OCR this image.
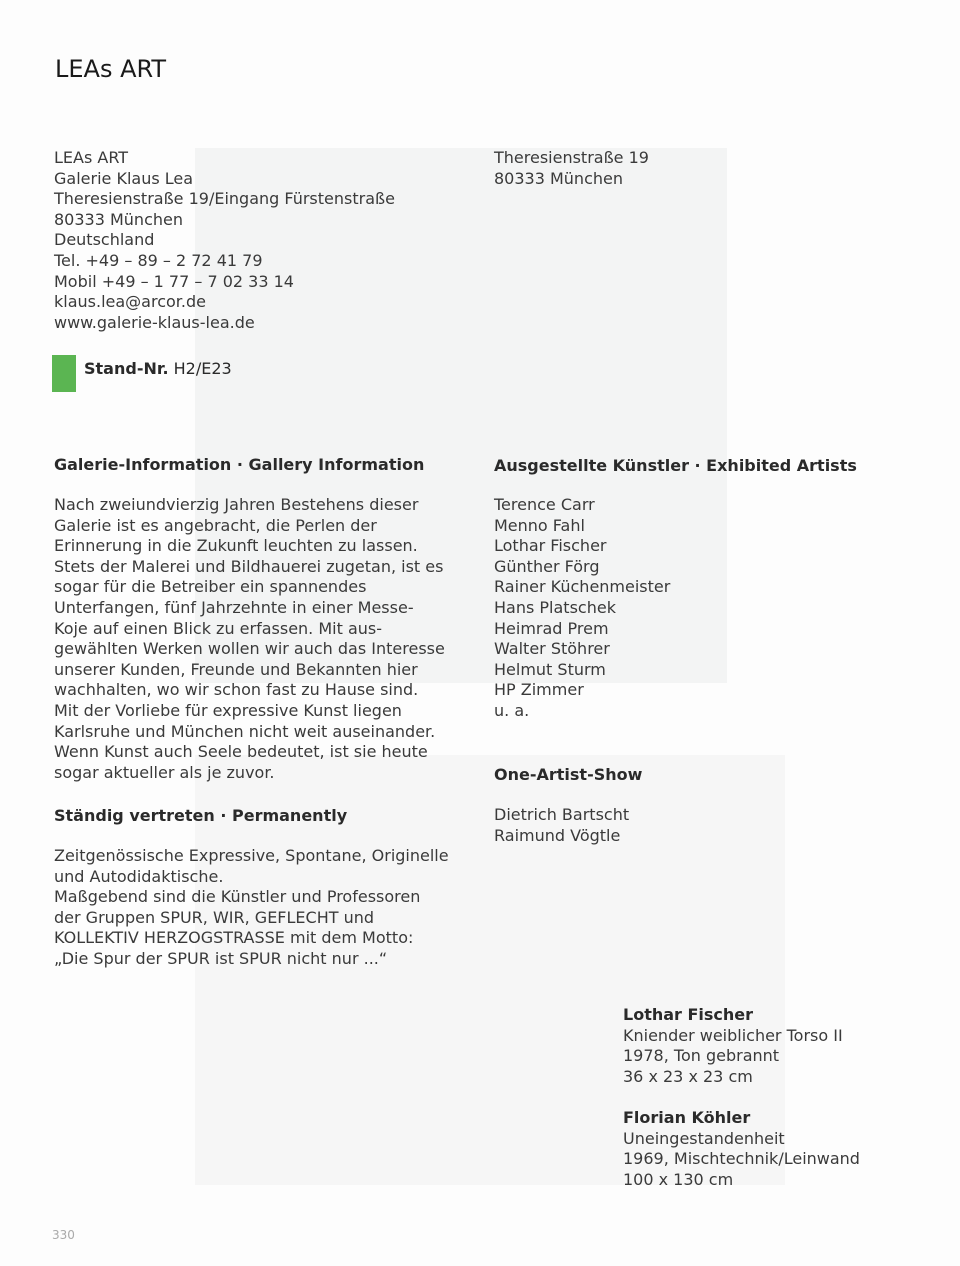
LEAs ART
LEAs ART
Galerie Klaus Lea
Theresienstraße 19/Eingang Fürstenstraße
80333 München
Deutschland
Tel. +49 – 89 – 2 72 41 79
Mobil +49 – 1 77 – 7 02 33 14
klaus.lea@arcor.de
www.galerie-klaus-lea.de
Theresienstraße 19
80333 München
Stand-Nr. H2/E23
Galerie-Information · Gallery Information
Nach zweiundvierzig Jahren Bestehens dieser
Galerie ist es angebracht, die Perlen der
Erinnerung in die Zukunft leuchten zu lassen.
Stets der Malerei und Bildhauerei zugetan, ist es
sogar für die Betreiber ein spannendes
Unterfangen, fünf Jahrzehnte in einer Messe-
Koje auf einen Blick zu erfassen. Mit aus-
gewählten Werken wollen wir auch das Interesse
unserer Kunden, Freunde und Bekannten hier
wachhalten, wo wir schon fast zu Hause sind.
Mit der Vorliebe für expressive Kunst liegen
Karlsruhe und München nicht weit auseinander.
Wenn Kunst auch Seele bedeutet, ist sie heute
sogar aktueller als je zuvor.
Ständig vertreten · Permanently
Zeitgenössische Expressive, Spontane, Originelle
und Autodidaktische.
Maßgebend sind die Künstler und Professoren
der Gruppen SPUR, WIR, GEFLECHT und
KOLLEKTIV HERZOGSTRASSE mit dem Motto:
„Die Spur der SPUR ist SPUR nicht nur ...“
Ausgestellte Künstler · Exhibited Artists
Terence Carr
Menno Fahl
Lothar Fischer
Günther Förg
Rainer Küchenmeister
Hans Platschek
Heimrad Prem
Walter Stöhrer
Helmut Sturm
HP Zimmer
u. a.
One-Artist-Show
Dietrich Bartscht
Raimund Vögtle
Lothar Fischer
Kniender weiblicher Torso II
1978, Ton gebrannt
36 x 23 x 23 cm
Florian Köhler
Uneingestandenheit
1969, Mischtechnik/Leinwand
100 x 130 cm
330
